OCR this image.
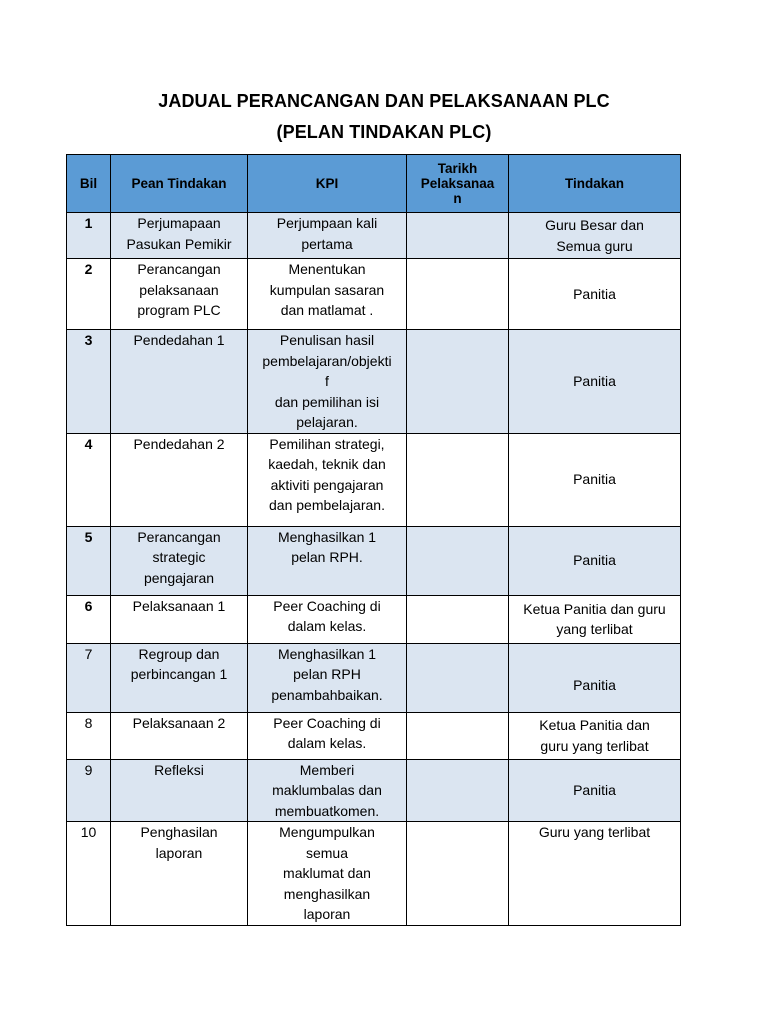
JADUAL PERANCANGAN DAN PELAKSANAAN PLC
(PELAN TINDAKAN PLC)
Bil	Pean Tindakan	KPI	Tarikh
Pelaksanaa
n	Tindakan
1	Perjumapaan
Pasukan Pemikir	Perjumpaan kali
pertama		Guru Besar dan
Semua guru

2	Perancangan
pelaksanaan
program PLC	Menentukan
kumpulan sasaran
dan matlamat .		Panitia

3	Pendedahan 1	Penulisan hasil
pembelajaran/objekti
f
dan pemilihan isi
pelajaran.		Panitia

4	Pendedahan 2	Pemilihan strategi,
kaedah, teknik dan
aktiviti pengajaran
dan pembelajaran.		Panitia

5	Perancangan
strategic
pengajaran	Menghasilkan 1
pelan RPH.		Panitia

6	Pelaksanaan 1	Peer Coaching di
dalam kelas.		Ketua Panitia dan guru
yang terlibat

7	Regroup dan
perbincangan 1	Menghasilkan 1
pelan RPH
penambahbaikan.		Panitia

8	Pelaksanaan 2	Peer Coaching di
dalam kelas.		Ketua Panitia dan
guru yang terlibat

9	Refleksi	Memberi
maklumbalas dan
membuatkomen.		Panitia

10	Penghasilan
laporan	Mengumpulkan
semua
maklumat dan
menghasilkan
laporan		Guru yang terlibat
